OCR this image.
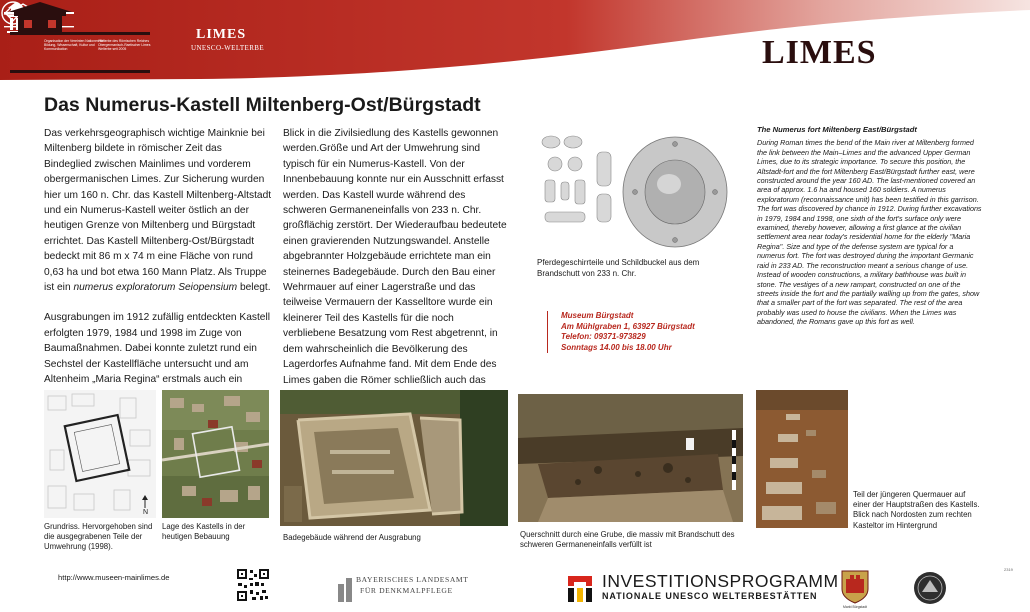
Organisation der Vereinten Nationen für Bildung, Wissenschaft, Kultur und Kommunikation
Welterbe des Römischen Reiches Obergermanisch-Raetischer Limes Welterbe seit 2005
LIMES
UNESCO-WELTERBE	LIMES
Das Numerus-Kastell Miltenberg-Ost/Bürgstadt

Das verkehrsgeographisch wichtige Mainknie bei Miltenberg bildete in römischer Zeit das Bindeglied zwischen Mainlimes und vorderem obergermanischen Limes. Zur Sicherung wurden hier um 160 n. Chr. das Kastell Miltenberg-Altstadt und ein Numerus-Kastell weiter östlich an der heutigen Grenze von Miltenberg und Bürgstadt errichtet. Das Kastell Miltenberg-Ost/Bürgstadt bedeckt mit 86 m x 74 m eine Fläche von rund 0,63 ha und bot etwa 160 Mann Platz. Als Truppe ist ein numerus exploratorum Seiopensium belegt.

Ausgrabungen im 1912 zufällig entdeckten Kastell erfolgten 1979, 1984 und 1998 im Zuge von Baumaßnahmen. Dabei konnte zuletzt rund ein Sechstel der Kastellfläche untersucht und am Altenheim „Maria Regina“ erstmals auch ein

Blick in die Zivilsiedlung des Kastells gewonnen werden.Größe und Art der Umwehrung sind typisch für ein Numerus-Kastell. Von der Innenbebauung konnte nur ein Ausschnitt erfasst werden. Das Kastell wurde während des schweren Germaneneinfalls von 233 n. Chr. großflächig zerstört. Der Wiederaufbau bedeutete einen gravierenden Nutzungswandel. Anstelle abgebrannter Holzgebäude errichtete man ein steinernes Badegebäude. Durch den Bau einer Wehrmauer auf einer Lagerstraße und das teilweise Vermauern der Kasselltore wurde ein kleinerer Teil des Kastells für die noch verbliebene Besatzung vom Rest abgetrennt, in dem wahrscheinlich die Bevölkerung des Lagerdorfes Aufnahme fand. Mit dem Ende des Limes gaben die Römer schließlich auch das

Pferdegeschirrteile und Schildbuckel aus dem Brandschutt von 233 n. Chr.
Museum Bürgstadt
Am Mühlgraben 1, 63927 Bürgstadt
Telefon: 09371-973829
Sonntags 14.00 bis 18.00 Uhr
The Numerus fort Miltenberg East/Bürgstadt
During Roman times the bend of the Main river at Miltenberg formed the link between the Main–Limes and the advanced Upper German Limes, due to its strategic importance. To secure this position, the Altstadt-fort and the fort Miltenberg East/Bürgstadt further east, were constructed around the year 160 AD. The last-mentioned covered an area of approx. 1.6 ha and housed 160 soldiers. A numerus exploratorum (reconnaissance unit) has been testified in this garrison. The fort was discovered by chance in 1912. During further excavations in 1979, 1984 and 1998, one sixth of the fort's surface only were examined, thereby however, allowing a first glance at the civilian settlement area near today's residential home for the elderly "Maria Regina". Size and type of the defense system are typical for a numerus fort. The fort was destroyed during the important Germanic raid in 233 AD. The reconstruction meant a serious change of use. Instead of wooden constructions, a military bathhouse was built in stone. The vestiges of a new rampart, constructed on one of the streets inside the fort and the partially walling up from the gates, show that a smaller part of the fort was separated. The rest of the area probably was used to house the civilians. When the Limes was abandoned, the Romans gave up this fort as well.
N
Grundriss. Hervorgehoben sind die ausgegrabenen Teile der Umwehrung (1998).
Lage des Kastells in der heutigen Bebauung	Badegebäude während der Ausgrabung	Querschnitt durch eine Grube, die massiv mit Brandschutt des schweren Germaneneinfalls verfüllt ist
Teil der jüngeren Quermauer auf einer der Hauptstraßen des Kastells. Blick nach Nordosten zum rechten Kasteltor im Hintergrund
http://www.museen-mainlimes.de	BAYERISCHES LANDESAMT
FÜR DENKMALPFLEGE	INVESTITIONSPROGRAMM
NATIONALE UNESCO WELTERBESTÄTTEN
Markt Bürgstadt
2319
